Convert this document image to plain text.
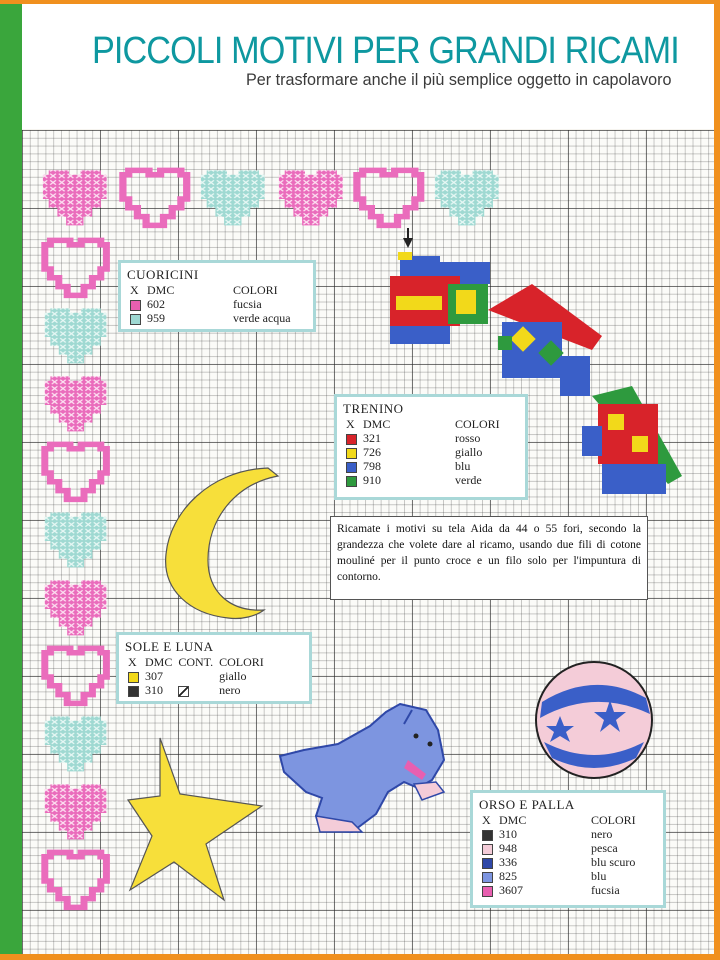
PICCOLI MOTIVI PER GRANDI RICAMI
Per trasformare anche il più semplice oggetto in capolavoro
CUORICINI
X	DMC	COLORI
	602	fucsia
	959	verde acqua
TRENINO
X	DMC	COLORI
	321	rosso
	726	giallo
	798	blu
	910	verde
SOLE E LUNA
X	DMC	CONT.	COLORI
	307		giallo
	310		nero
ORSO E PALLA
X	DMC	COLORI
	310	nero
	948	pesca
	336	blu scuro
	825	blu
	3607	fucsia
Ricamate i motivi su tela Aida da 44 o 55 fori, secondo la grandezza che volete dare al ricamo, usando due fili di cotone mouliné per il punto croce e un filo solo per l'impuntura di contorno.
